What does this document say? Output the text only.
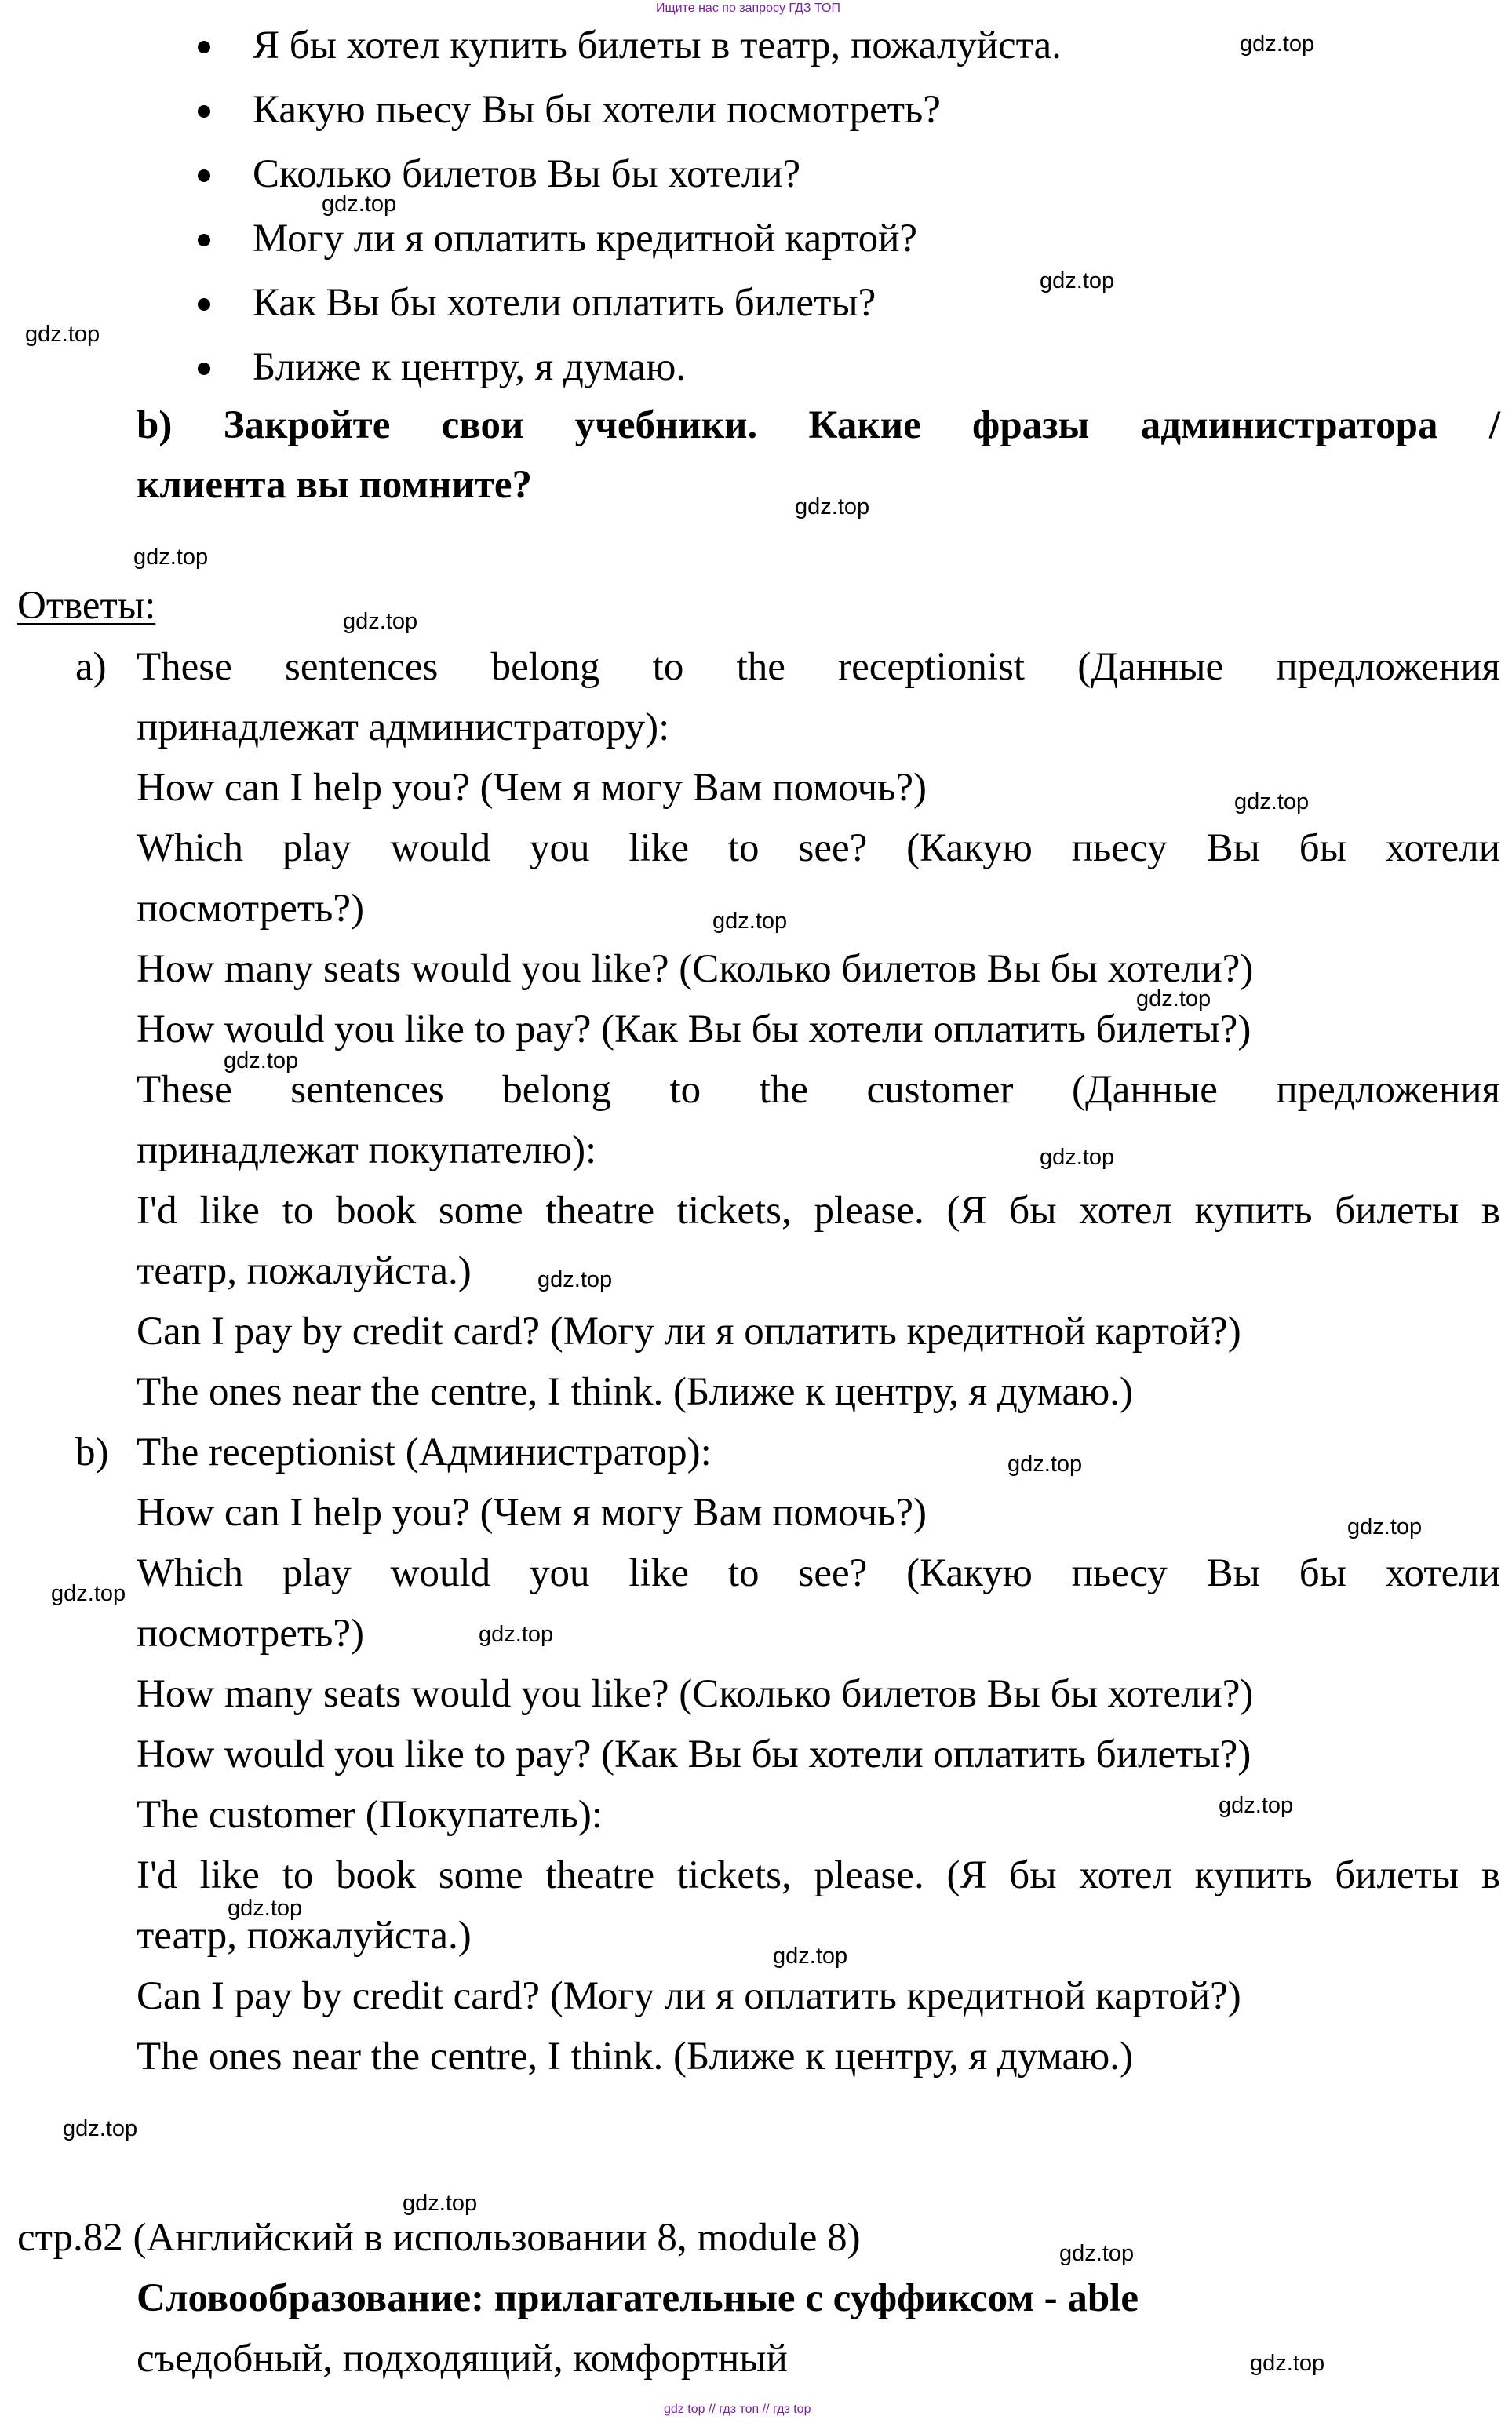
Ищите нас по запросу ГДЗ ТОП
Я бы хотел купить билеты в театр, пожалуйста.
Какую пьесу Вы бы хотели посмотреть?
Сколько билетов Вы бы хотели?
Могу ли я оплатить кредитной картой?
Как Вы бы хотели оплатить билеты?
Ближе к центру, я думаю.
b) Закройте свои учебники. Какие фразы администратора /
клиента вы помните?
Ответы:
a) These sentences belong to the receptionist (Данные предложения
принадлежат администратору):
How can I help you? (Чем я могу Вам помочь?)
Which play would you like to see? (Какую пьесу Вы бы хотели
посмотреть?)
How many seats would you like? (Сколько билетов Вы бы хотели?)
How would you like to pay? (Как Вы бы хотели оплатить билеты?)
These sentences belong to the customer (Данные предложения
принадлежат покупателю):
I'd like to book some theatre tickets, please. (Я бы хотел купить билеты в
театр, пожалуйста.)
Can I pay by credit card? (Могу ли я оплатить кредитной картой?)
The ones near the centre, I think. (Ближе к центру, я думаю.)
b) The receptionist (Администратор):
How can I help you? (Чем я могу Вам помочь?)
Which play would you like to see? (Какую пьесу Вы бы хотели
посмотреть?)
How many seats would you like? (Сколько билетов Вы бы хотели?)
How would you like to pay? (Как Вы бы хотели оплатить билеты?)
The customer (Покупатель):
I'd like to book some theatre tickets, please. (Я бы хотел купить билеты в
театр, пожалуйста.)
Can I pay by credit card? (Могу ли я оплатить кредитной картой?)
The ones near the centre, I think. (Ближе к центру, я думаю.)
стр.82 (Английский в использовании 8, module 8)
Словообразование: прилагательные с суффиксом - able
съедобный, подходящий, комфортный
gdz.top
gdz.top
gdz.top
gdz.top
gdz.top
gdz.top
gdz.top
gdz.top
gdz.top
gdz.top
gdz.top
gdz.top
gdz.top
gdz.top
gdz.top
gdz.top
gdz.top
gdz.top
gdz.top
gdz.top
gdz.top
gdz.top
gdz.top
gdz.top
gdz top // гдз топ // гдз top
